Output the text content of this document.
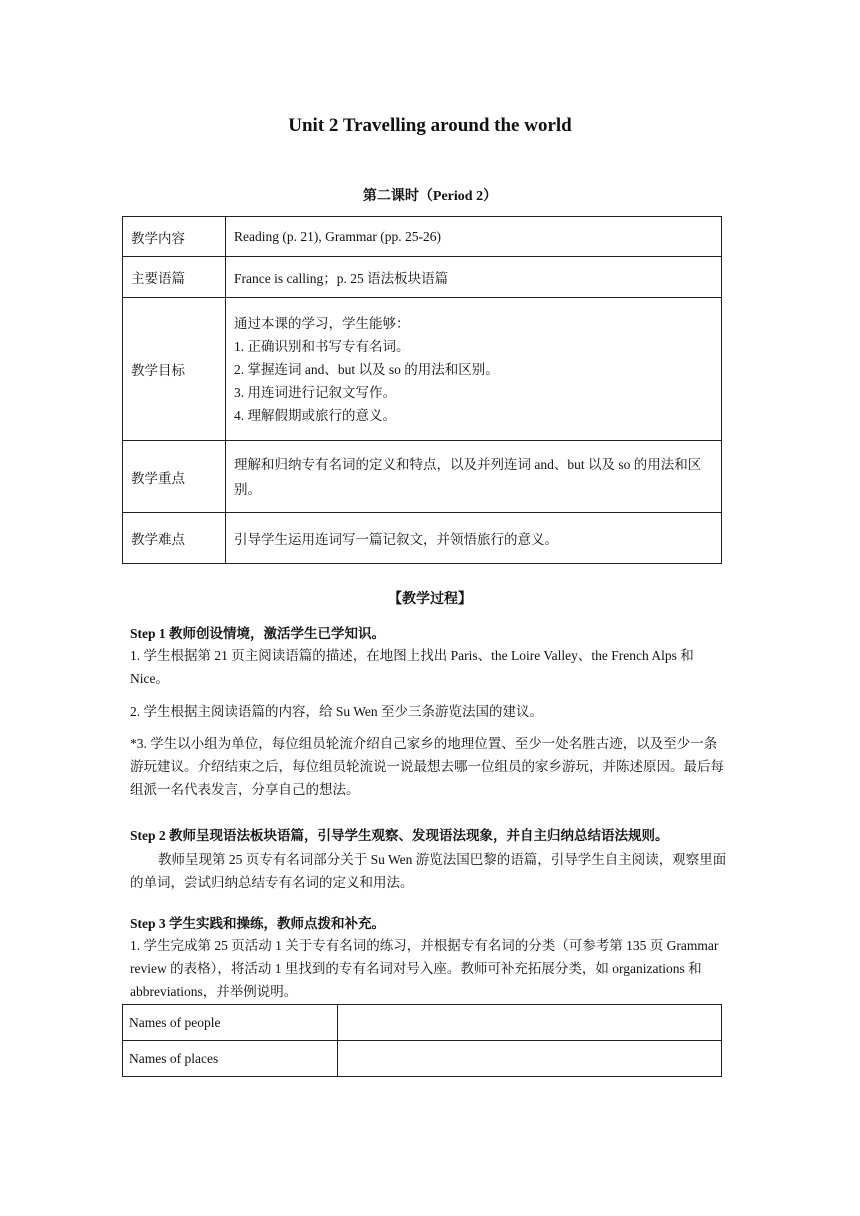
Unit 2 Travelling around the world
第二课时（Period 2）
教学内容	Reading (p. 21), Grammar (pp. 25-26)
主要语篇	France is calling；p. 25 语法板块语篇
教学目标	通过本课的学习，学生能够：
1. 正确识别和书写专有名词。
2. 掌握连词 and、but 以及 so 的用法和区别。
3. 用连词进行记叙文写作。
4. 理解假期或旅行的意义。

教学重点	理解和归纳专有名词的定义和特点，以及并列连词 and、but 以及 so 的用法和区别。
教学难点	引导学生运用连词写一篇记叙文，并领悟旅行的意义。
【教学过程】
Step 1 教师创设情境，激活学生已学知识。
1. 学生根据第 21 页主阅读语篇的描述，在地图上找出 Paris、the Loire Valley、the French Alps 和 Nice。
2. 学生根据主阅读语篇的内容，给 Su Wen 至少三条游览法国的建议。
*3. 学生以小组为单位，每位组员轮流介绍自己家乡的地理位置、至少一处名胜古迹，以及至少一条游玩建议。介绍结束之后，每位组员轮流说一说最想去哪一位组员的家乡游玩，并陈述原因。最后每组派一名代表发言，分享自己的想法。
Step 2 教师呈现语法板块语篇，引导学生观察、发现语法现象，并自主归纳总结语法规则。
教师呈现第 25 页专有名词部分关于 Su Wen 游览法国巴黎的语篇，引导学生自主阅读，观察里面的单词，尝试归纳总结专有名词的定义和用法。
Step 3 学生实践和操练，教师点拨和补充。
1. 学生完成第 25 页活动 1 关于专有名词的练习，并根据专有名词的分类（可参考第 135 页 Grammar review 的表格），将活动 1 里找到的专有名词对号入座。教师可补充拓展分类，如 organizations 和 abbreviations，并举例说明。
Names of people	
Names of places	
